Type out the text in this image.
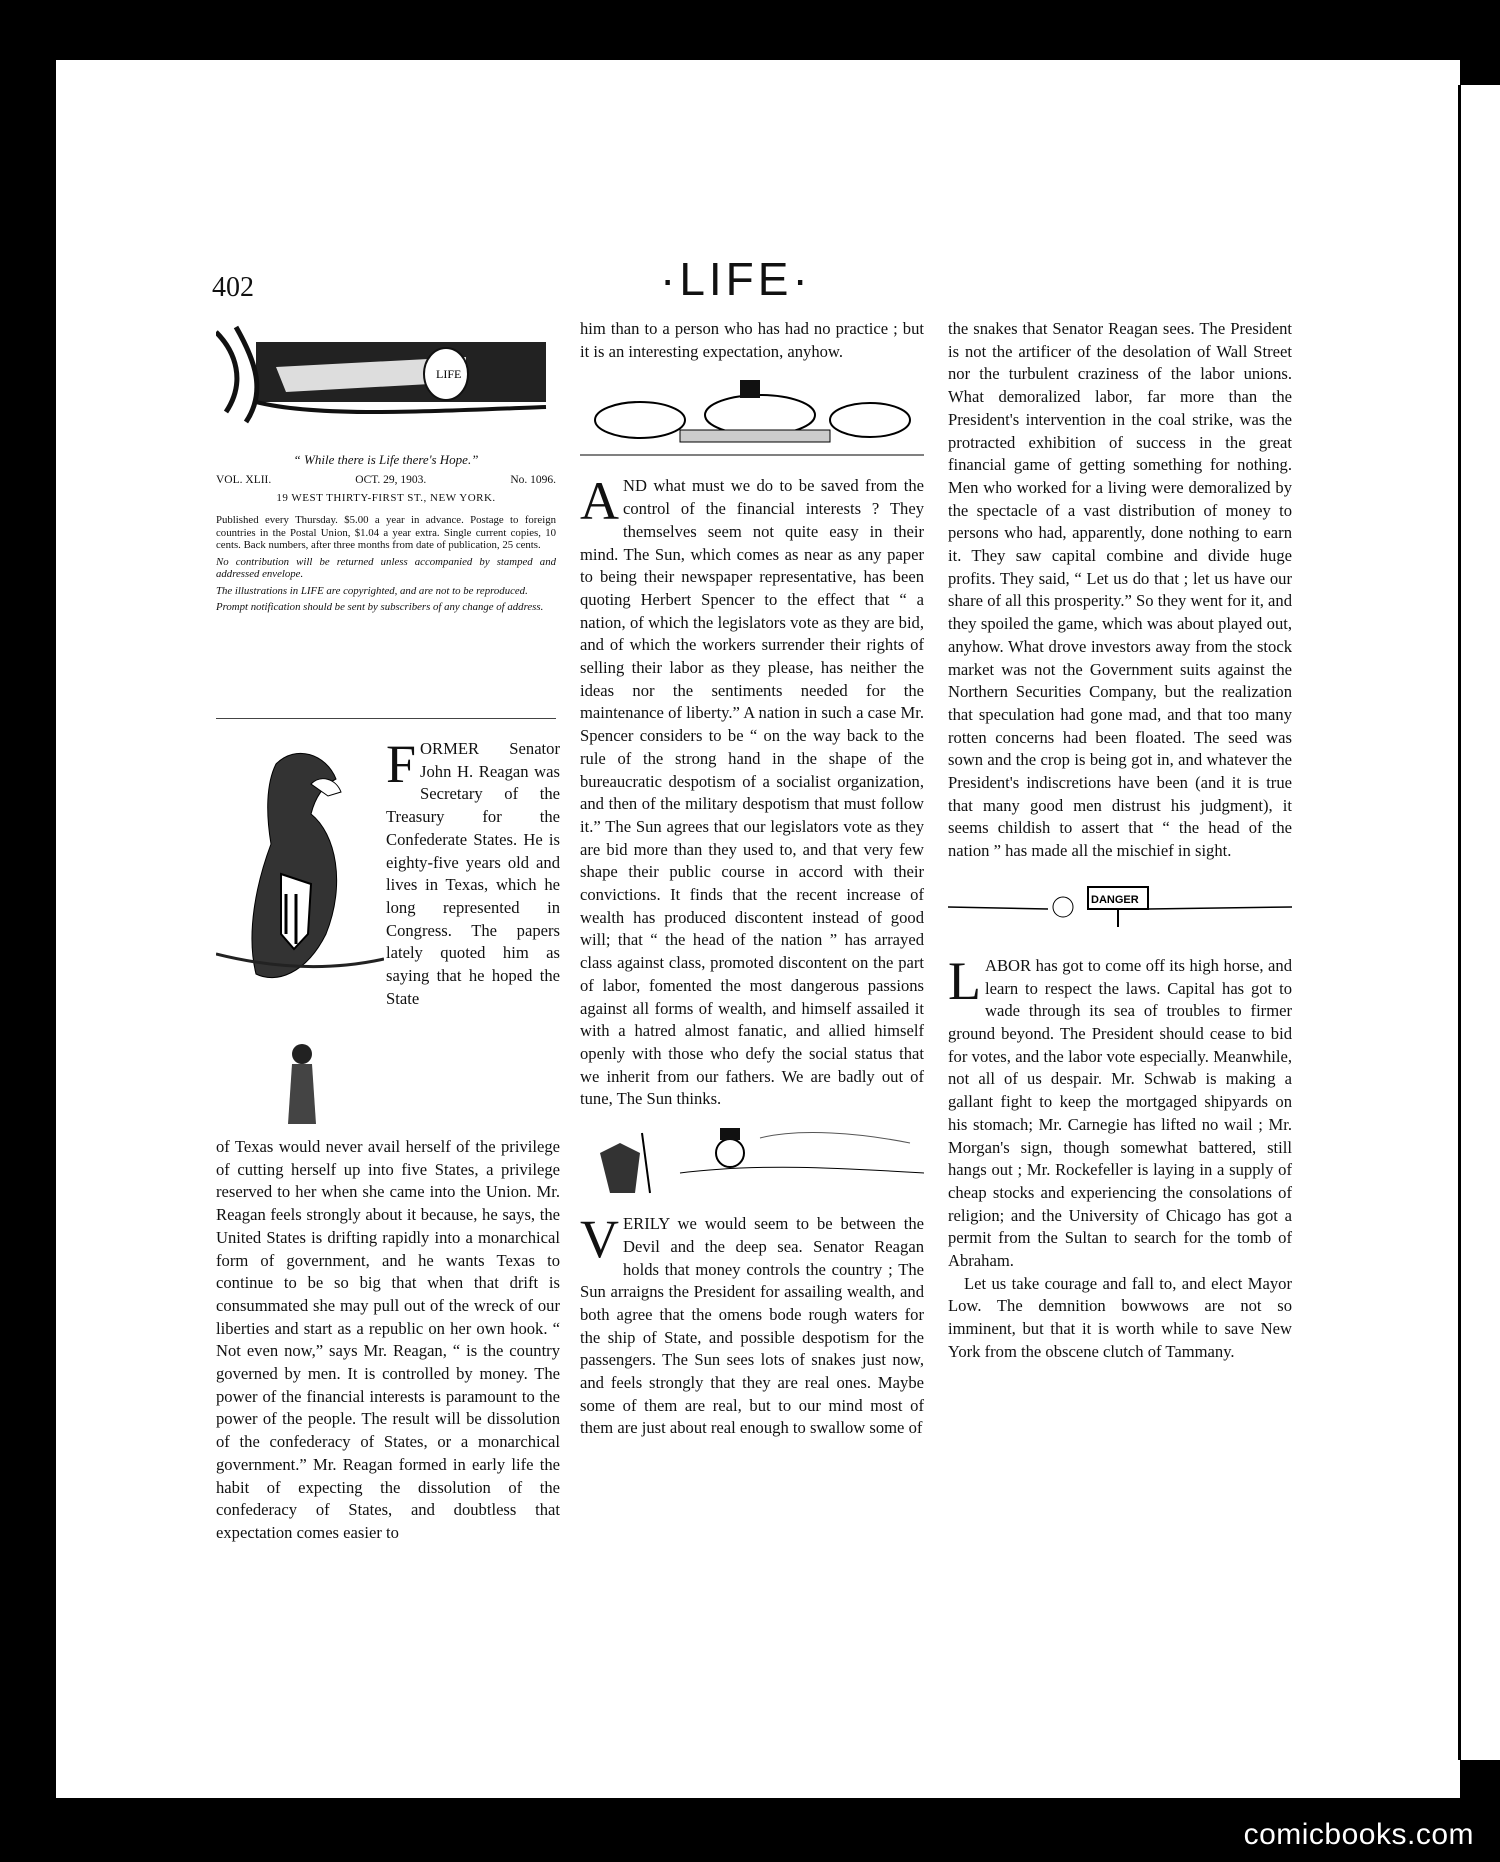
402	·LIFE·
LIFE
“ While there is Life there's Hope.”
VOL. XLII.	OCT. 29, 1903.	No. 1096.
19 WEST THIRTY-FIRST ST., NEW YORK.

Published every Thursday. $5.00 a year in advance. Postage to foreign countries in the Postal Union, $1.04 a year extra. Single current copies, 10 cents. Back numbers, after three months from date of publication, 25 cents.

No contribution will be returned unless accompanied by stamped and addressed envelope.

The illustrations in LIFE are copyrighted, and are not to be reproduced.

Prompt notification should be sent by subscribers of any change of address.

FORMER Senator John H. Reagan was Secretary of the Treasury for the Confederate States. He is eighty-five years old and lives in Texas, which he long represented in Congress. The papers lately quoted him as saying that he hoped the State

of Texas would never avail herself of the privilege of cutting herself up into five States, a privilege reserved to her when she came into the Union. Mr. Reagan feels strongly about it because, he says, the United States is drifting rapidly into a monarchical form of government, and he wants Texas to continue to be so big that when that drift is consummated she may pull out of the wreck of our liberties and start as a republic on her own hook. “ Not even now,” says Mr. Reagan, “ is the country governed by men. It is controlled by money. The power of the financial interests is paramount to the power of the people. The result will be dissolution of the confederacy of States, or a monarchical government.” Mr. Reagan formed in early life the habit of expecting the dissolution of the confederacy of States, and doubtless that expectation comes easier to

him than to a person who has had no practice ; but it is an interesting expectation, anyhow.

AND what must we do to be saved from the control of the financial interests ? They themselves seem not quite easy in their mind. The Sun, which comes as near as any paper to being their newspaper representative, has been quoting Herbert Spencer to the effect that “ a nation, of which the legislators vote as they are bid, and of which the workers surrender their rights of selling their labor as they please, has neither the ideas nor the sentiments needed for the maintenance of liberty.” A nation in such a case Mr. Spencer considers to be “ on the way back to the rule of the strong hand in the shape of the bureaucratic despotism of a socialist organization, and then of the military despotism that must follow it.” The Sun agrees that our legislators vote as they are bid more than they used to, and that very few shape their public course in accord with their convictions. It finds that the recent increase of wealth has produced discontent instead of good will; that “ the head of the nation ” has arrayed class against class, promoted discontent on the part of labor, fomented the most dangerous passions against all forms of wealth, and himself assailed it with a hatred almost fanatic, and allied himself openly with those who defy the social status that we inherit from our fathers. We are badly out of tune, The Sun thinks.

VERILY we would seem to be between the Devil and the deep sea. Senator Reagan holds that money controls the country ; The Sun arraigns the President for assailing wealth, and both agree that the omens bode rough waters for the ship of State, and possible despotism for the passengers. The Sun sees lots of snakes just now, and feels strongly that they are real ones. Maybe some of them are real, but to our mind most of them are just about real enough to swallow some of

the snakes that Senator Reagan sees. The President is not the artificer of the desolation of Wall Street nor the turbulent craziness of the labor unions. What demoralized labor, far more than the President's intervention in the coal strike, was the protracted exhibition of success in the great financial game of getting something for nothing. Men who worked for a living were demoralized by the spectacle of a vast distribution of money to persons who had, apparently, done nothing to earn it. They saw capital combine and divide huge profits. They said, “ Let us do that ; let us have our share of all this prosperity.” So they went for it, and they spoiled the game, which was about played out, anyhow. What drove investors away from the stock market was not the Government suits against the Northern Securities Company, but the realization that speculation had gone mad, and that too many rotten concerns had been floated. The seed was sown and the crop is being got in, and whatever the President's indiscretions have been (and it is true that many good men distrust his judgment), it seems childish to assert that “ the head of the nation ” has made all the mischief in sight.

DANGER

LABOR has got to come off its high horse, and learn to respect the laws. Capital has got to wade through its sea of troubles to firmer ground beyond. The President should cease to bid for votes, and the labor vote especially. Meanwhile, not all of us despair. Mr. Schwab is making a gallant fight to keep the mortgaged shipyards on his stomach; Mr. Carnegie has lifted no wail ; Mr. Morgan's sign, though somewhat battered, still hangs out ; Mr. Rockefeller is laying in a supply of cheap stocks and experiencing the consolations of religion; and the University of Chicago has got a permit from the Sultan to search for the tomb of Abraham.

Let us take courage and fall to, and elect Mayor Low. The demnition bowwows are not so imminent, but that it is worth while to save New York from the obscene clutch of Tammany.

comicbooks.com
